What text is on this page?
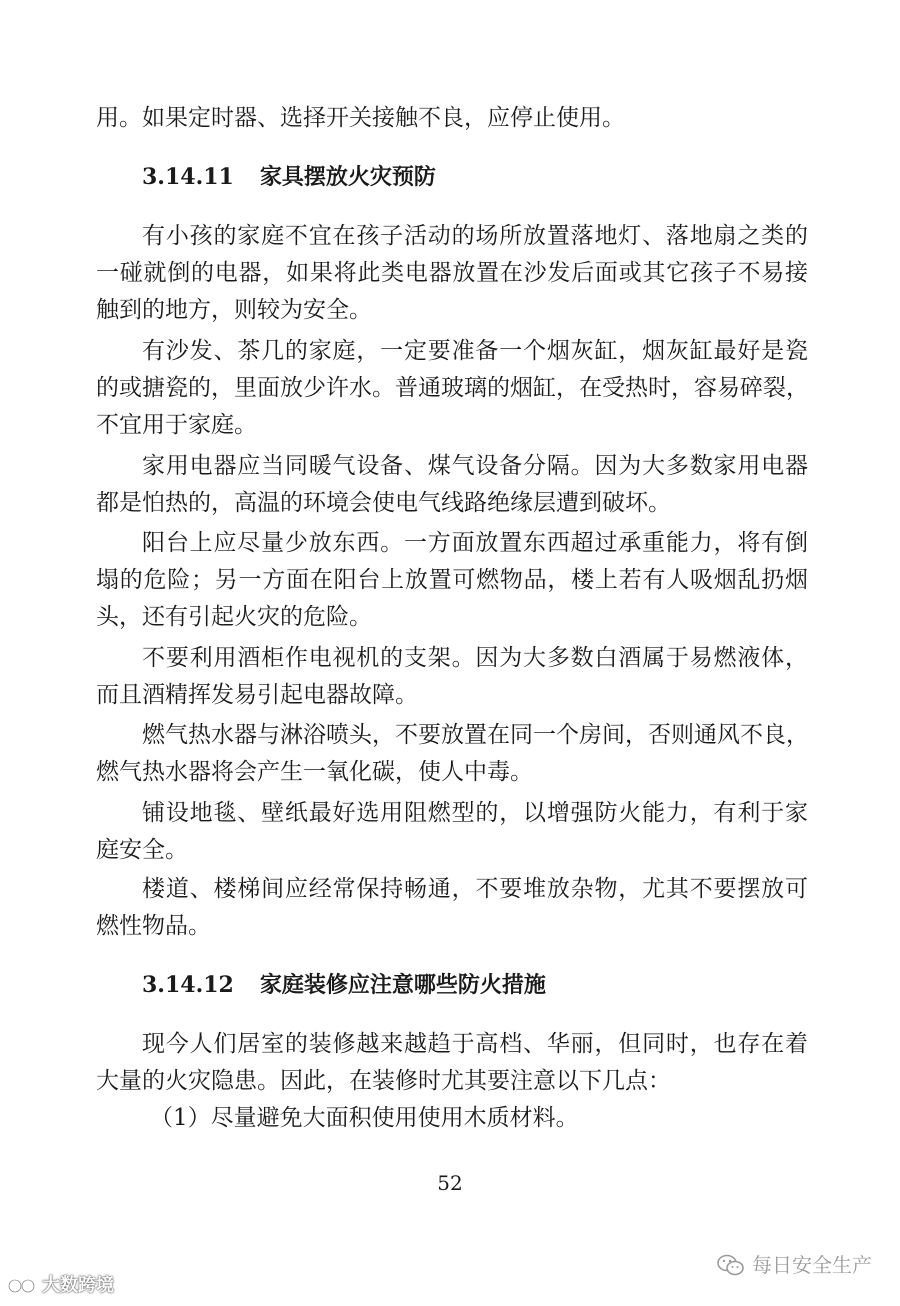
用。如果定时器、选择开关接触不良，应停止使用。
3.14.11 家具摆放火灾预防
有小孩的家庭不宜在孩子活动的场所放置落地灯、落地扇之类的
一碰就倒的电器，如果将此类电器放置在沙发后面或其它孩子不易接
触到的地方，则较为安全。
有沙发、茶几的家庭，一定要准备一个烟灰缸，烟灰缸最好是瓷
的或搪瓷的，里面放少许水。普通玻璃的烟缸，在受热时，容易碎裂，
不宜用于家庭。
家用电器应当同暖气设备、煤气设备分隔。因为大多数家用电器
都是怕热的，高温的环境会使电气线路绝缘层遭到破坏。
阳台上应尽量少放东西。一方面放置东西超过承重能力，将有倒
塌的危险；另一方面在阳台上放置可燃物品，楼上若有人吸烟乱扔烟
头，还有引起火灾的危险。
不要利用酒柜作电视机的支架。因为大多数白酒属于易燃液体，
而且酒精挥发易引起电器故障。
燃气热水器与淋浴喷头，不要放置在同一个房间，否则通风不良，
燃气热水器将会产生一氧化碳，使人中毒。
铺设地毯、壁纸最好选用阻燃型的，以增强防火能力，有利于家
庭安全。
楼道、楼梯间应经常保持畅通，不要堆放杂物，尤其不要摆放可
燃性物品。
3.14.12 家庭装修应注意哪些防火措施
现今人们居室的装修越来越趋于高档、华丽，但同时，也存在着
大量的火灾隐患。因此，在装修时尤其要注意以下几点：
（1）尽量避免大面积使用使用木质材料。
52
大数跨境
每日安全生产
